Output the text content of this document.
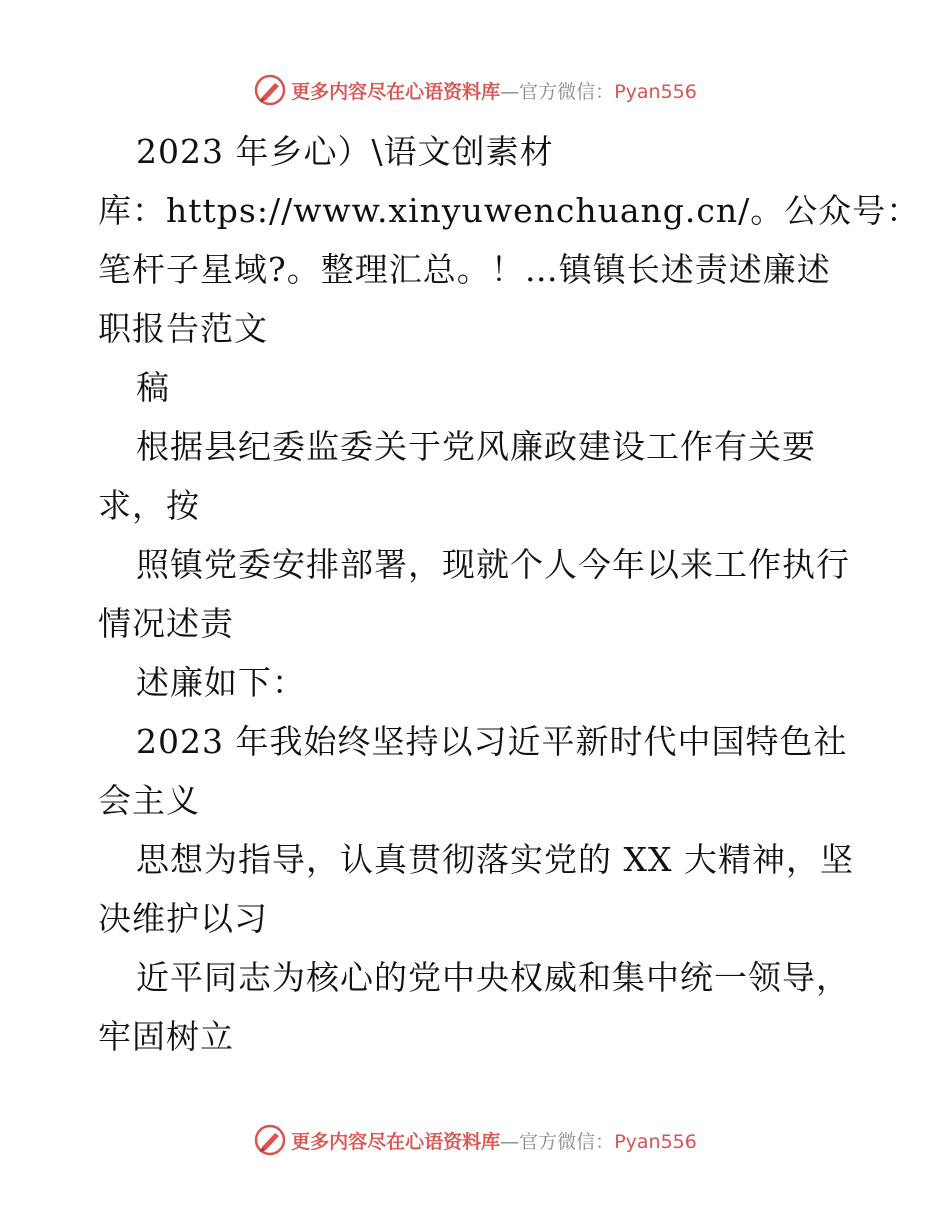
更多内容尽在心语资料库—官方微信：Pyan556
2023 年乡心）\语文创素材
库：https://www.xinyuwenchuang.cn/。公众号：
笔杆子星域?。整理汇总。！…镇镇长述责述廉述
职报告范文
稿
根据县纪委监委关于党风廉政建设工作有关要
求，按
照镇党委安排部署，现就个人今年以来工作执行
情况述责
述廉如下：
2023 年我始终坚持以习近平新时代中国特色社
会主义
思想为指导，认真贯彻落实党的 XX 大精神，坚
决维护以习
近平同志为核心的党中央权威和集中统一领导，
牢固树立
更多内容尽在心语资料库—官方微信：Pyan556
